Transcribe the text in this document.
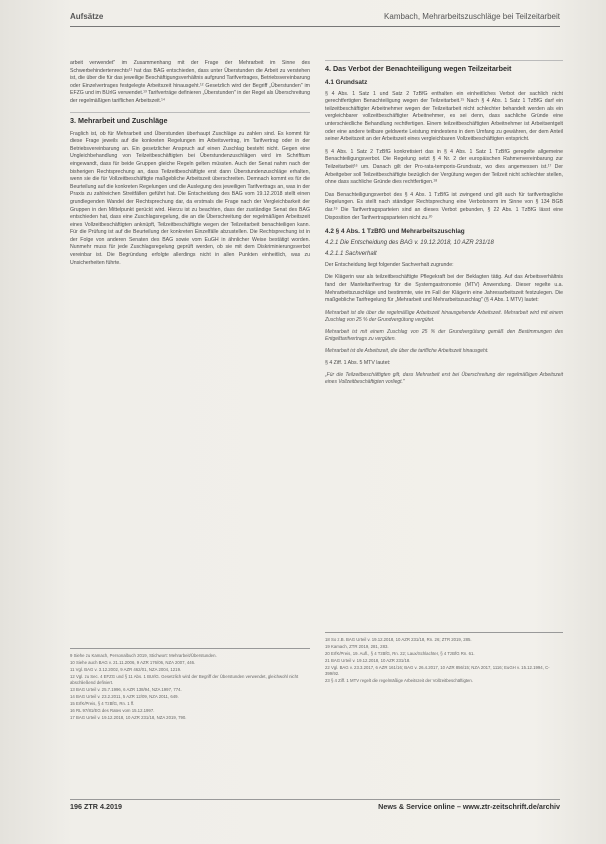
Aufsätze	Kambach, Mehrarbeitszuschläge bei Teilzeitarbeit

arbeit verwendet" im Zusammenhang mit der Frage der Mehrarbeit im Sinne des Schwerbehindertenrechts¹¹ hat das BAG entschieden, dass unter Überstunden die Arbeit zu verstehen ist, die über die für das jeweilige Beschäftigungsverhältnis aufgrund Tarifvertrages, Betriebsvereinbarung oder Einzelvertrages festgelegte Arbeitszeit hinausgeht.¹² Gesetzlich wird der Begriff „Überstunden" im EFZG und im BUrlG verwendet.¹³ Tarifverträge definieren „Überstunden" in der Regel als Überschreitung der regelmäßigen tariflichen Arbeitszeit.¹⁴

3. Mehrarbeit und Zuschläge

Fraglich ist, ob für Mehrarbeit und Überstunden überhaupt Zuschläge zu zahlen sind. Es kommt für diese Frage jeweils auf die konkreten Regelungen im Arbeitsvertrag, im Tarifvertrag oder in der Betriebsvereinbarung an. Ein gesetzlicher Anspruch auf einen Zuschlag besteht nicht. Gegen eine Ungleichbehandlung von Teilzeitbeschäftigten bei Überstundenzuschlägen wird im Schrifttum eingewandt, dass für beide Gruppen gleiche Regeln gelten müssten. Auch der Senat nahm nach der bisherigen Rechtsprechung an, dass Teilzeitbeschäftigte erst dann Überstundenzuschläge erhalten, wenn sie die für Vollzeitbeschäftigte maßgebliche Arbeitszeit überschreiten. Demnach kommt es für die Beurteilung auf die konkreten Regelungen und die Auslegung des jeweiligen Tarifvertrags an, was in der Praxis zu zahlreichen Streitfällen geführt hat. Die Entscheidung des BAG vom 19.12.2018 stellt einen grundlegenden Wandel der Rechtsprechung dar, da erstmals die Frage nach der Vergleichbarkeit der Gruppen in den Mittelpunkt gerückt wird. Hierzu ist zu beachten, dass der zuständige Senat des BAG entschieden hat, dass eine Zuschlagsregelung, die an die Überschreitung der regelmäßigen Arbeitszeit eines Vollzeitbeschäftigten anknüpft, Teilzeitbeschäftigte wegen der Teilzeitarbeit benachteiligen kann. Für die Prüfung ist auf die Beurteilung der konkreten Einzelfälle abzustellen. Die Rechtsprechung ist in der Folge von anderen Senaten des BAG sowie vom EuGH in ähnlicher Weise bestätigt worden. Nunmehr muss für jede Zuschlagsregelung geprüft werden, ob sie mit dem Diskriminierungsverbot vereinbar ist. Die Begründung erfolgte allerdings nicht in allen Punkten einheitlich, was zu Unsicherheiten führte.

4. Das Verbot der Benachteiligung wegen Teilzeitarbeit
4.1 Grundsatz

§ 4 Abs. 1 Satz 1 und Satz 2 TzBfG enthalten ein einheitliches Verbot der sachlich nicht gerechtfertigten Benachteiligung wegen der Teilzeitarbeit.¹⁵ Nach § 4 Abs. 1 Satz 1 TzBfG darf ein teilzeitbeschäftigter Arbeitnehmer wegen der Teilzeitarbeit nicht schlechter behandelt werden als ein vergleichbarer vollzeitbeschäftigter Arbeitnehmer, es sei denn, dass sachliche Gründe eine unterschiedliche Behandlung rechtfertigen. Einem teilzeitbeschäftigten Arbeitnehmer ist Arbeitsentgelt oder eine andere teilbare geldwerte Leistung mindestens in dem Umfang zu gewähren, der dem Anteil seiner Arbeitszeit an der Arbeitszeit eines vergleichbaren Vollzeitbeschäftigten entspricht.

§ 4 Abs. 1 Satz 2 TzBfG konkretisiert das in § 4 Abs. 1 Satz 1 TzBfG geregelte allgemeine Benachteiligungsverbot. Die Regelung setzt § 4 Nr. 2 der europäischen Rahmenvereinbarung zur Teilzeitarbeit¹⁶ um. Danach gilt der Pro-rata-temporis-Grundsatz, wo dies angemessen ist.¹⁷ Der Arbeitgeber soll Teilzeitbeschäftigte bezüglich der Vergütung wegen der Teilzeit nicht schlechter stellen, ohne dass sachliche Gründe dies rechtfertigen.¹⁸

Das Benachteiligungsverbot des § 4 Abs. 1 TzBfG ist zwingend und gilt auch für tarifvertragliche Regelungen. Es stellt nach ständiger Rechtsprechung eine Verbotsnorm im Sinne von § 134 BGB dar.¹⁹ Die Tarifvertragsparteien sind an dieses Verbot gebunden, § 22 Abs. 1 TzBfG lässt eine Disposition der Tarifvertragsparteien nicht zu.²⁰

4.2 § 4 Abs. 1 TzBfG und Mehrarbeitszuschlag
4.2.1 Die Entscheidung des BAG v. 19.12.2018, 10 AZR 231/18
4.2.1.1 Sachverhalt

Der Entscheidung liegt folgender Sachverhalt zugrunde:

Die Klägerin war als teilzeitbeschäftigte Pflegekraft bei der Beklagten tätig. Auf das Arbeitsverhältnis fand der Manteltarifvertrag für die Systemgastronomie (MTV) Anwendung. Dieser regelte u.a. Mehrarbeitszuschläge und bestimmte, wie im Fall der Klägerin eine Jahresarbeitszeit festzulegen. Die maßgebliche Tarifregelung für „Mehrarbeit und Mehrarbeitszuschlag" (§ 4 Abs. 1 MTV) lautet:

Mehrarbeit ist die über die regelmäßige Arbeitszeit hinausgehende Arbeitszeit. Mehrarbeit wird mit einem Zuschlag von 25 % der Grundvergütung vergütet.

Mehrarbeit ist mit einem Zuschlag von 25 % der Grundvergütung gemäß den Bestimmungen des Entgelttarifvertrags zu vergüten.

Mehrarbeit ist die Arbeitszeit, die über die tarifliche Arbeitszeit hinausgeht.

§ 4 Ziff. 1 Abs. 5 MTV lautet:

„Für die Teilzeitbeschäftigten gilt, dass Mehrarbeit erst bei Überschreitung der regelmäßigen Arbeitszeit eines Vollzeitbeschäftigten vorliegt."

9 Siehe zu Kamach, Personalbuch 2019, Stichwort: Mehrarbeit/Überstunden.
10 Siehe auch BAG v. 21.11.2006, 9 AZR 176/06, NZA 2007, 446.
11 Vgl. BAG v. 3.12.2002, 9 AZR 462/01, NZA 2004, 1219.
12 Vgl. zu Sec. 4 EFZG und § 11 Abs. 1 BUrlG. Gesetzlich wird der Begriff der Überstunden verwendet, gleichwohl nicht abschließend definiert.
13 BAG Urteil v. 25.7.1996, 6 AZR 138/94, NZA 1997, 774.
14 BAG Urteil v. 23.2.2011, 5 AZR 12/09, NZA 2011, 649.
15 ErfK/Preis, § 4 TzBfG, Rn. 1 ff.
16 RL 97/81/EG des Rates vom 15.12.1997.
17 BAG Urteil v. 19.12.2018, 10 AZR 231/18, NZA 2019, 790.
18 So z.B. BAG Urteil v. 19.12.2018, 10 AZR 231/18, Rn. 26; ZTR 2019, 285.
19 Kamach, ZTR 2019, 281, 283.
20 ErfK/Preis, 19. Aufl., § 4 TzBfG, Rn. 22; Laux/Schlachter, § 4 TzBfG Rn. 61.
21 BAG Urteil v. 19.12.2018, 10 AZR 231/18.
22 Vgl. BAG v. 23.3.2017, 6 AZR 161/16; BAG v. 26.4.2017, 10 AZR 856/15; NZA 2017, 1116; EuGH v. 15.12.1994, C-399/92.
23 § 4 Ziff. 1 MTV regelt die regelmäßige Arbeitszeit der Vollzeitbeschäftigten.
196 ZTR 4.2019	News & Service online – www.ztr-zeitschrift.de/archiv
